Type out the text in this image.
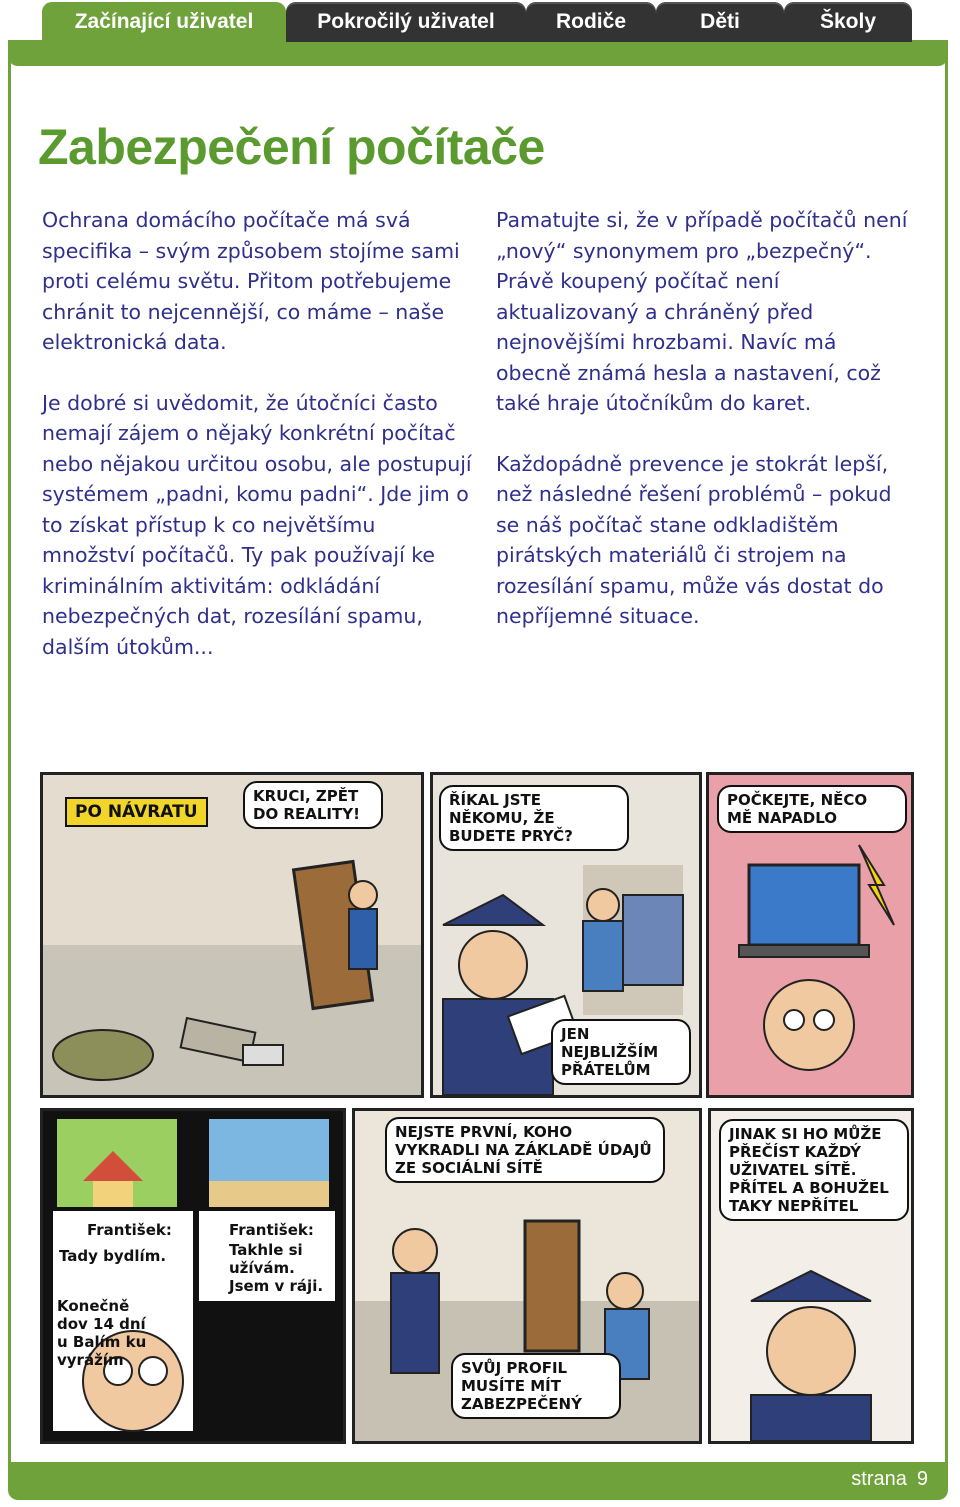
Začínající uživatel	Pokročilý uživatel	Rodiče	Děti	Školy
Zabezpečení počítače

Ochrana domácího počítače má svá specifika – svým způsobem stojíme sami proti celému světu. Přitom potřebujeme chránit to nejcennější, co máme – naše elektronická data.

Je dobré si uvědomit, že útočníci často nemají zájem o nějaký konkrétní počítač nebo nějakou určitou osobu, ale postupují systémem „padni, komu padni“. Jde jim o to získat přístup k co největšímu množství počítačů. Ty pak používají ke kriminálním aktivitám: odkládání nebezpečných dat, rozesílání spamu, dalším útokům...

Pamatujte si, že v případě počítačů není „nový“ synonymem pro „bezpečný“. Právě koupený počítač není aktualizovaný a chráněný před nejnovějšími hrozbami. Navíc má obecně známá hesla a nastavení, což také hraje útočníkům do karet.

Každopádně prevence je stokrát lepší, než následné řešení problémů – pokud se náš počítač stane odkladištěm pirátských materiálů či strojem na rozesílání spamu, může vás dostat do nepříjemné situace.

PO NÁVRATU
KRUCI, ZPĚT DO REALITY!
ŘÍKAL JSTE NĚKOMU, ŽE BUDETE PRYČ?
JEN NEJBLIŽŠÍM PŘÁTELŮM
POČKEJTE, NĚCO MĚ NAPADLO
František:
Tady bydlím.
František:
Takhle si užívám. Jsem v ráji.
Konečně dov 14 dní u Balím ku vyrážím
NEJSTE PRVNÍ, KOHO VYKRADLI NA ZÁKLADĚ ÚDAJŮ ZE SOCIÁLNÍ SÍTĚ
SVŮJ PROFIL MUSÍTE MÍT ZABEZPEČENÝ
JINAK SI HO MŮŽE PŘEČÍST KAŽDÝ UŽIVATEL SÍTĚ. PŘÍTEL A BOHUŽEL TAKY NEPŘÍTEL
strana 9
